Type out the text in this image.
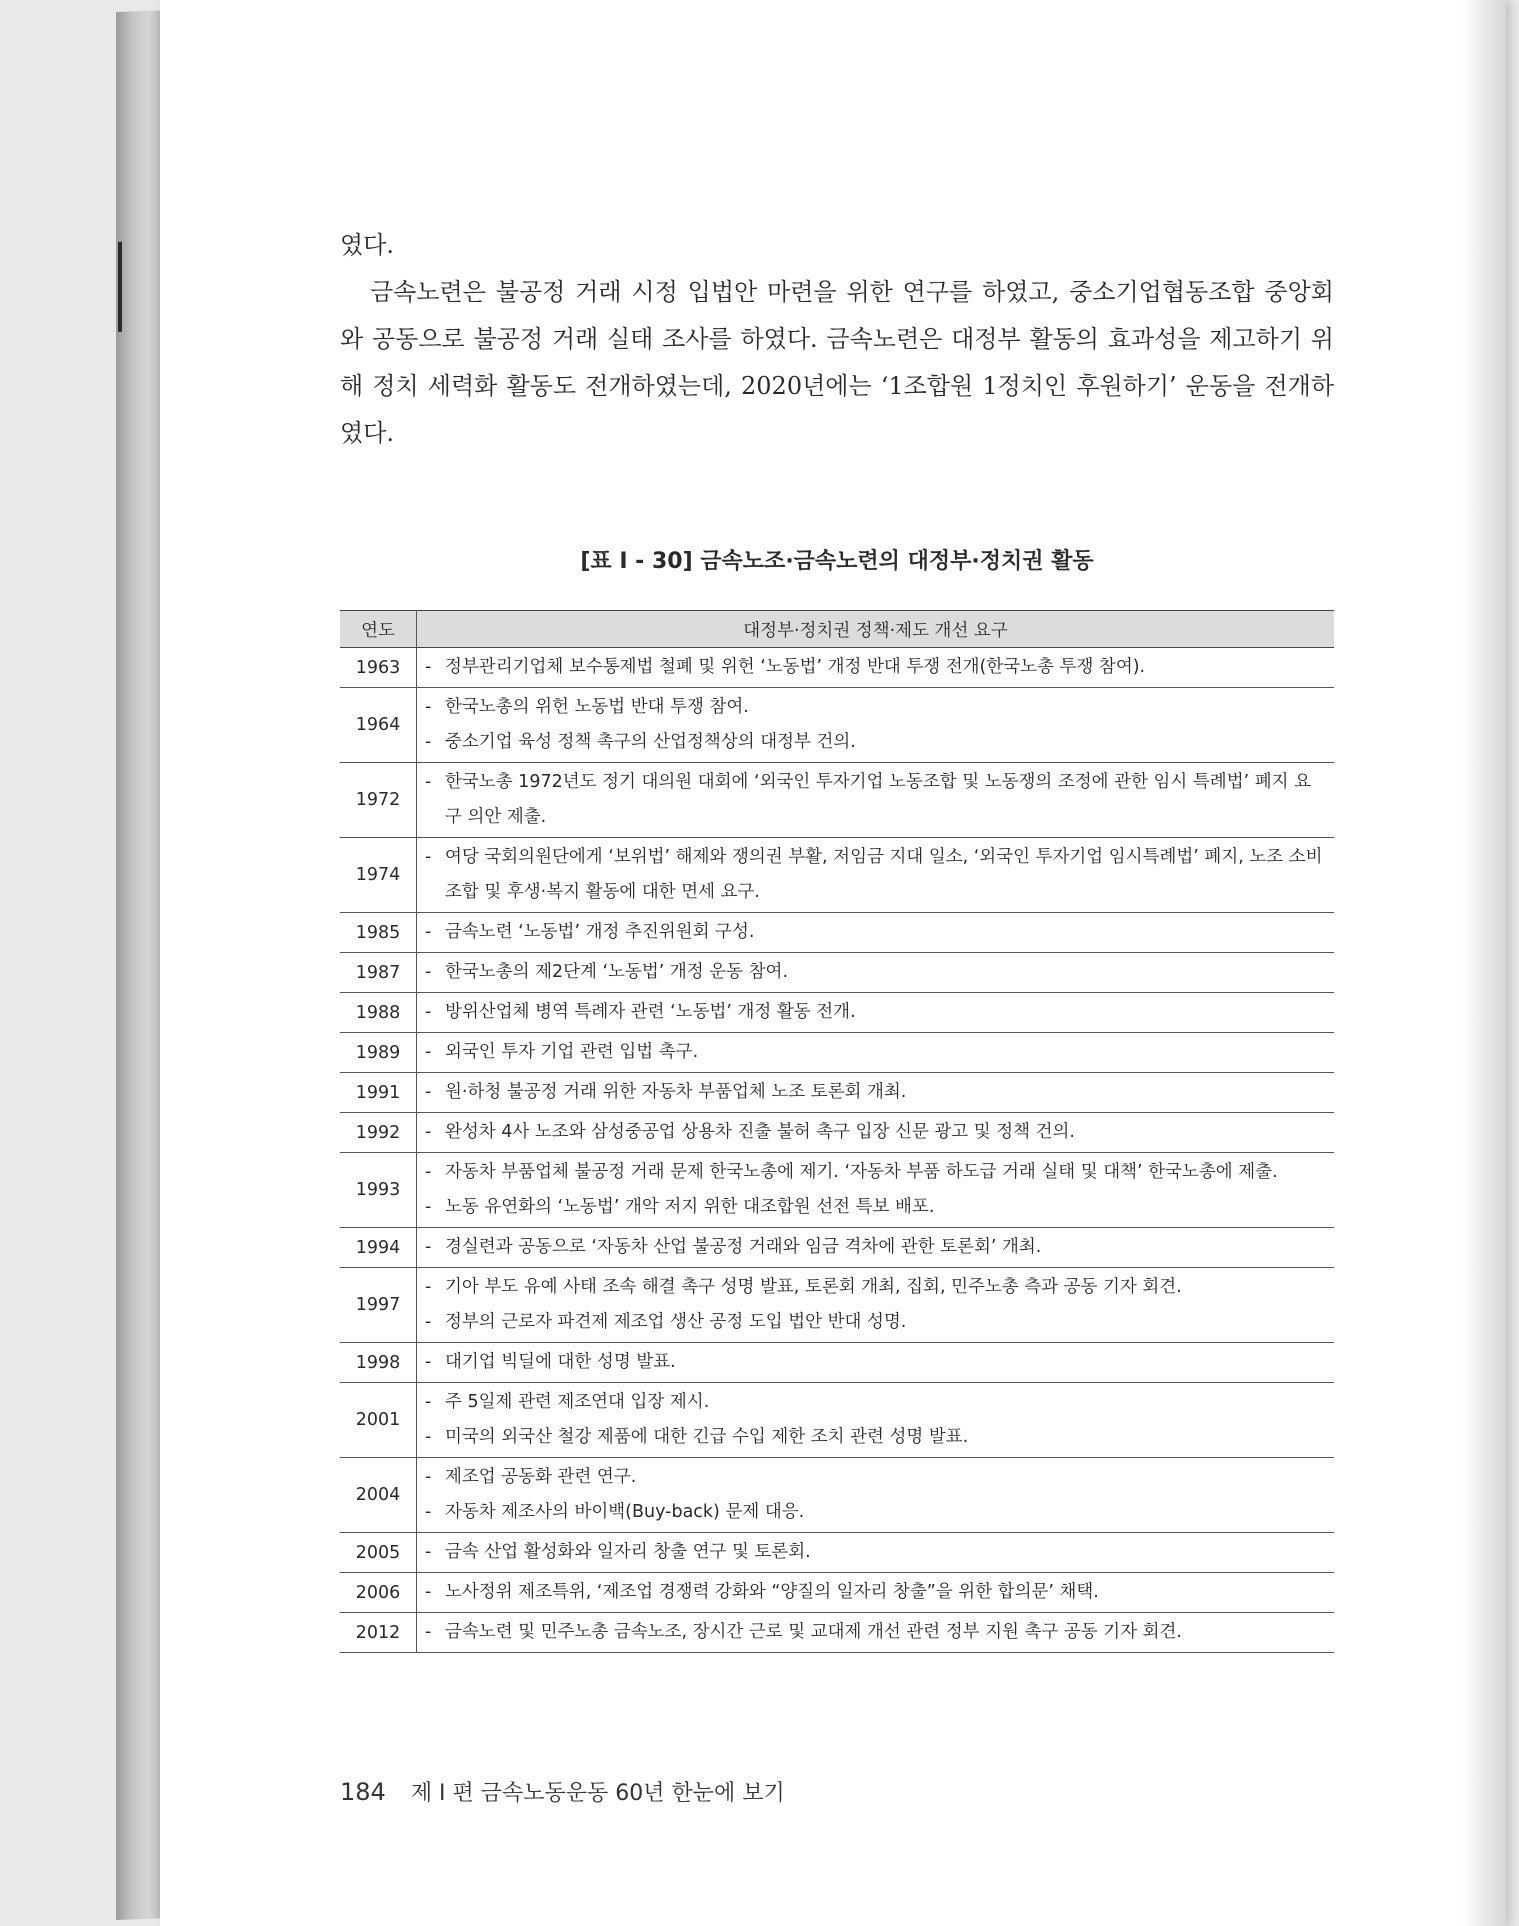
였다.

금속노련은 불공정 거래 시정 입법안 마련을 위한 연구를 하였고, 중소기업협동조합 중앙회와 공동으로 불공정 거래 실태 조사를 하였다. 금속노련은 대정부 활동의 효과성을 제고하기 위해 정치 세력화 활동도 전개하였는데, 2020년에는 ‘1조합원 1정치인 후원하기’ 운동을 전개하였다.

[표 Ⅰ - 30] 금속노조·금속노련의 대정부·정치권 활동
연도	대정부·정치권 정책·제도 개선 요구
1963	- 정부관리기업체 보수통제법 철폐 및 위헌 ‘노동법’ 개정 반대 투쟁 전개(한국노총 투쟁 참여).

1964	- 한국노총의 위헌 노동법 반대 투쟁 참여.
- 중소기업 육성 정책 촉구의 산업정책상의 대정부 건의.

1972	- 한국노총 1972년도 정기 대의원 대회에 ‘외국인 투자기업 노동조합 및 노동쟁의 조정에 관한 임시 특례법’ 폐지 요구 의안 제출.

1974	- 여당 국회의원단에게 ‘보위법’ 해제와 쟁의권 부활, 저임금 지대 일소, ‘외국인 투자기업 임시특례법’ 폐지, 노조 소비조합 및 후생·복지 활동에 대한 면세 요구.

1985	- 금속노련 ‘노동법’ 개정 추진위원회 구성.

1987	- 한국노총의 제2단계 ‘노동법’ 개정 운동 참여.

1988	- 방위산업체 병역 특례자 관련 ‘노동법’ 개정 활동 전개.

1989	- 외국인 투자 기업 관련 입법 촉구.

1991	- 원·하청 불공정 거래 위한 자동차 부품업체 노조 토론회 개최.

1992	- 완성차 4사 노조와 삼성중공업 상용차 진출 불허 촉구 입장 신문 광고 및 정책 건의.

1993	- 자동차 부품업체 불공정 거래 문제 한국노총에 제기. ‘자동차 부품 하도급 거래 실태 및 대책’ 한국노총에 제출.
- 노동 유연화의 ‘노동법’ 개악 저지 위한 대조합원 선전 특보 배포.

1994	- 경실련과 공동으로 ‘자동차 산업 불공정 거래와 임금 격차에 관한 토론회’ 개최.

1997	- 기아 부도 유예 사태 조속 해결 촉구 성명 발표, 토론회 개최, 집회, 민주노총 측과 공동 기자 회견.
- 정부의 근로자 파견제 제조업 생산 공정 도입 법안 반대 성명.

1998	- 대기업 빅딜에 대한 성명 발표.

2001	- 주 5일제 관련 제조연대 입장 제시.
- 미국의 외국산 철강 제품에 대한 긴급 수입 제한 조치 관련 성명 발표.

2004	- 제조업 공동화 관련 연구.
- 자동차 제조사의 바이백(Buy-back) 문제 대응.

2005	- 금속 산업 활성화와 일자리 창출 연구 및 토론회.

2006	- 노사정위 제조특위, ‘제조업 경쟁력 강화와 “양질의 일자리 창출”을 위한 합의문’ 채택.

2012	- 금속노련 및 민주노총 금속노조, 장시간 근로 및 교대제 개선 관련 정부 지원 촉구 공동 기자 회견.
184 제 Ⅰ 편 금속노동운동 60년 한눈에 보기
